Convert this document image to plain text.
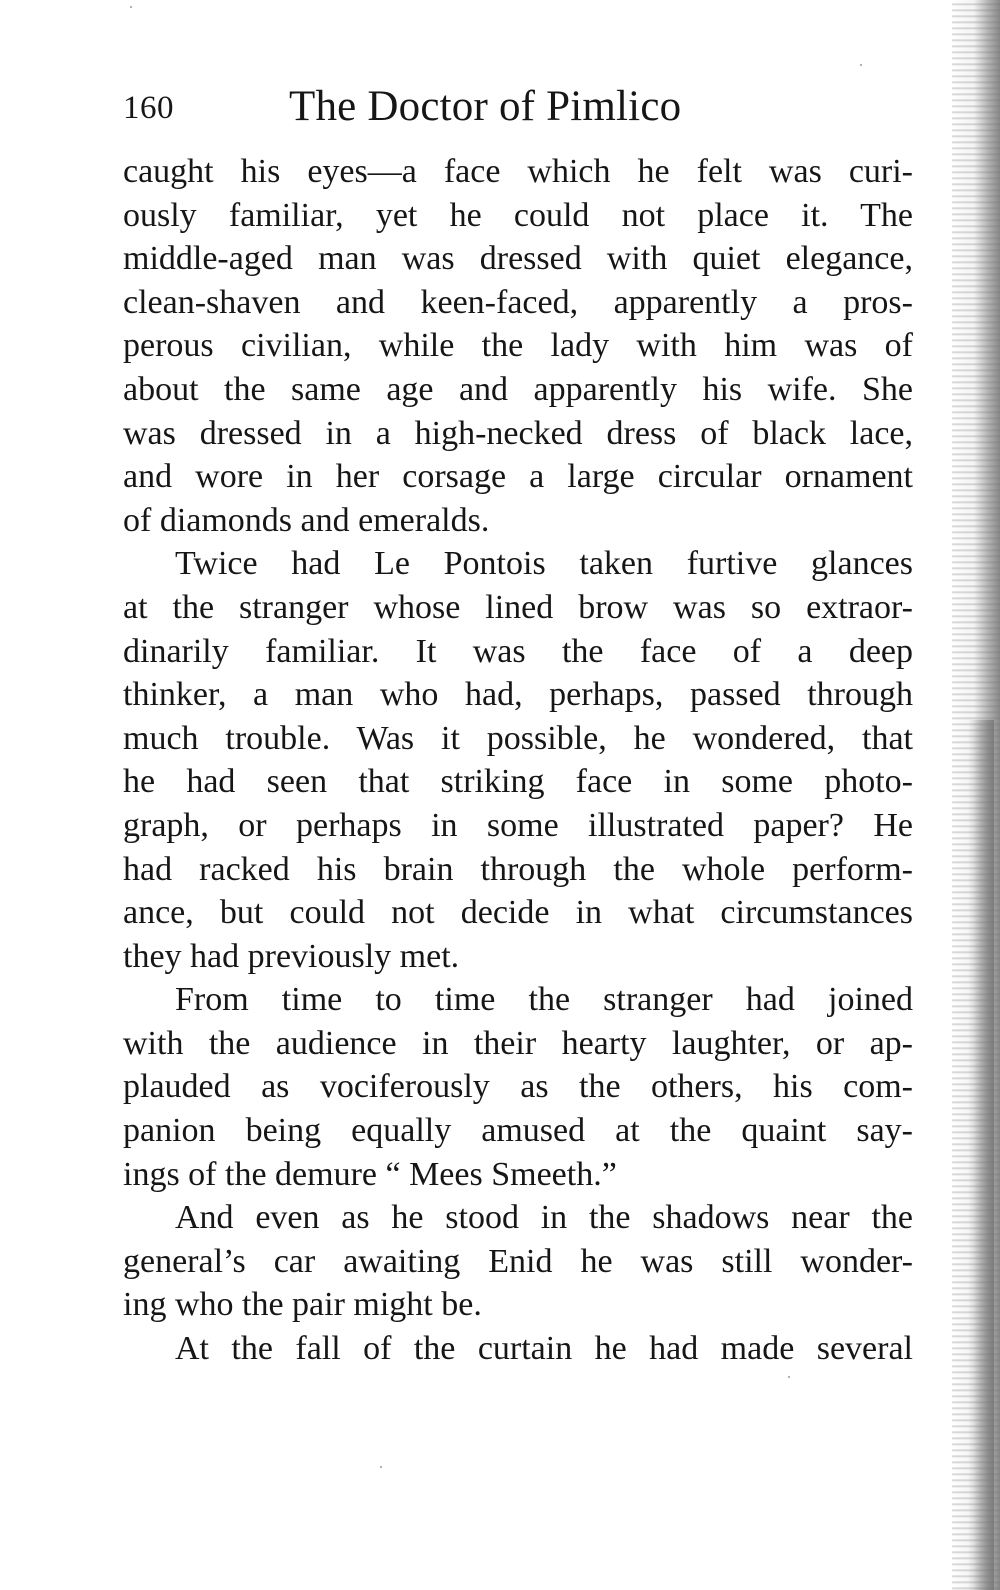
160	The Doctor of Pimlico
caught his eyes—a face which he felt was curi-
ously familiar, yet he could not place it. The
middle-aged man was dressed with quiet elegance,
clean-shaven and keen-faced, apparently a pros-
perous civilian, while the lady with him was of
about the same age and apparently his wife. She
was dressed in a high-necked dress of black lace,
and wore in her corsage a large circular ornament
of diamonds and emeralds.
Twice had Le Pontois taken furtive glances
at the stranger whose lined brow was so extraor-
dinarily familiar. It was the face of a deep
thinker, a man who had, perhaps, passed through
much trouble. Was it possible, he wondered, that
he had seen that striking face in some photo-
graph, or perhaps in some illustrated paper? He
had racked his brain through the whole perform-
ance, but could not decide in what circumstances
they had previously met.
From time to time the stranger had joined
with the audience in their hearty laughter, or ap-
plauded as vociferously as the others, his com-
panion being equally amused at the quaint say-
ings of the demure “ Mees Smeeth.”
And even as he stood in the shadows near the
general’s car awaiting Enid he was still wonder-
ing who the pair might be.
At the fall of the curtain he had made several
